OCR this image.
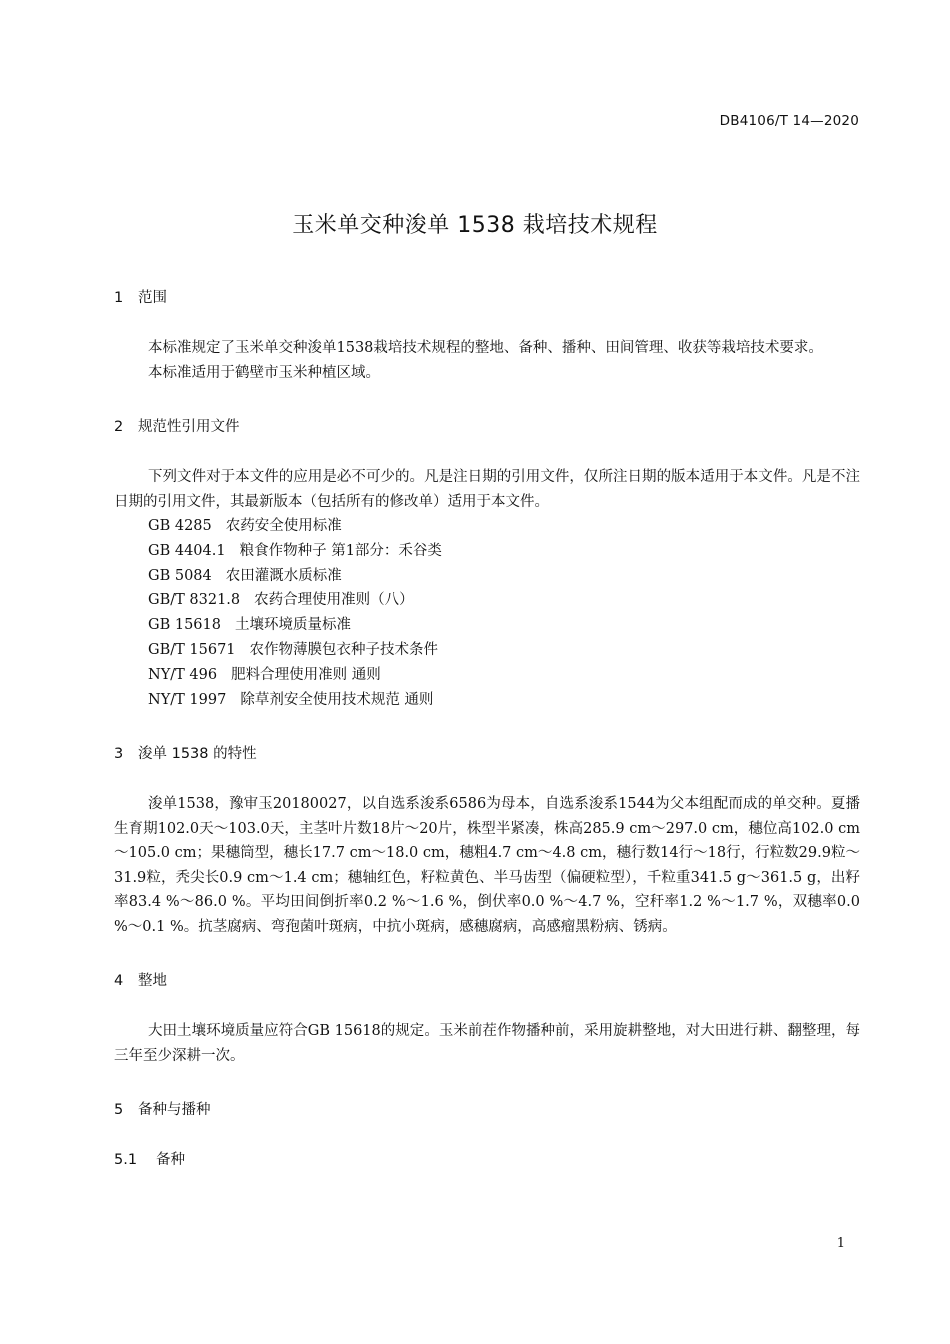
DB4106/T 14—2020
玉米单交种浚单 1538 栽培技术规程
1 范围

本标准规定了玉米单交种浚单1538栽培技术规程的整地、备种、播种、田间管理、收获等栽培技术要求。

本标准适用于鹤壁市玉米种植区域。

2 规范性引用文件

下列文件对于本文件的应用是必不可少的。凡是注日期的引用文件，仅所注日期的版本适用于本文件。凡是不注日期的引用文件，其最新版本（包括所有的修改单）适用于本文件。

GB 4285 农药安全使用标准

GB 4404.1 粮食作物种子 第1部分：禾谷类

GB 5084 农田灌溉水质标准

GB/T 8321.8 农药合理使用准则（八）

GB 15618 土壤环境质量标准

GB/T 15671 农作物薄膜包衣种子技术条件

NY/T 496 肥料合理使用准则 通则

NY/T 1997 除草剂安全使用技术规范 通则

3 浚单 1538 的特性

浚单1538，豫审玉20180027，以自选系浚系6586为母本，自选系浚系1544为父本组配而成的单交种。夏播生育期102.0天～103.0天，主茎叶片数18片～20片，株型半紧凑，株高285.9 cm～297.0 cm，穗位高102.0 cm～105.0 cm；果穗筒型，穗长17.7 cm～18.0 cm，穗粗4.7 cm～4.8 cm，穗行数14行～18行，行粒数29.9粒～31.9粒，秃尖长0.9 cm～1.4 cm；穗轴红色，籽粒黄色、半马齿型（偏硬粒型），千粒重341.5 g～361.5 g，出籽率83.4 %～86.0 %。平均田间倒折率0.2 %～1.6 %，倒伏率0.0 %～4.7 %，空秆率1.2 %～1.7 %，双穗率0.0 %～0.1 %。抗茎腐病、弯孢菌叶斑病，中抗小斑病，感穗腐病，高感瘤黑粉病、锈病。

4 整地

大田土壤环境质量应符合GB 15618的规定。玉米前茬作物播种前，采用旋耕整地，对大田进行耕、翻整理，每三年至少深耕一次。

5 备种与播种
5.1 备种
1
